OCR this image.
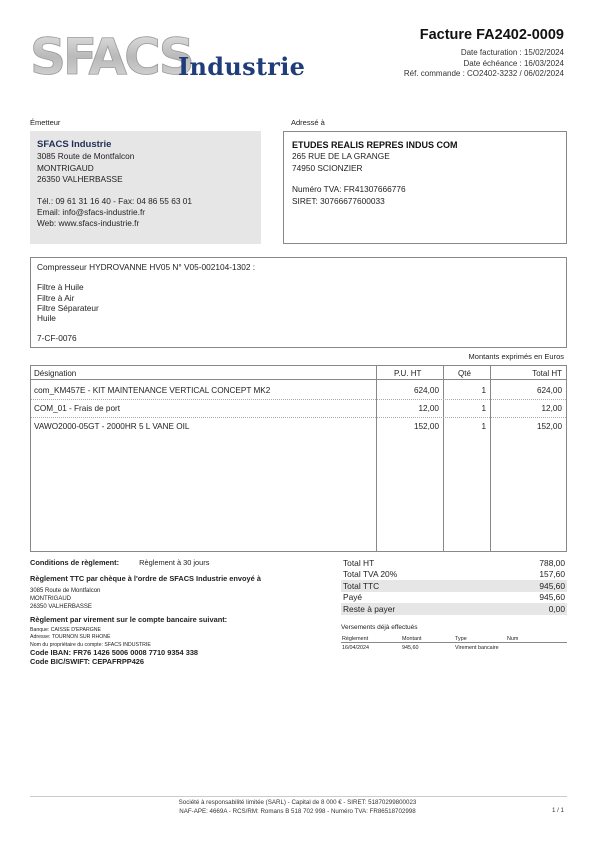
SFACS
Industrie
Facture FA2402-0009
Date facturation : 15/02/2024
Date échéance : 16/03/2024
Réf. commande : CO2402-3232 / 06/02/2024
Émetteur
SFACS Industrie
3085 Route de Montfalcon
MONTRIGAUD
26350 VALHERBASSE
Tél.: 09 61 31 16 40 - Fax: 04 86 55 63 01
Email: info@sfacs-industrie.fr
Web: www.sfacs-industrie.fr
Adressé à
ETUDES REALIS REPRES INDUS COM
265 RUE DE LA GRANGE
74950 SCIONZIER
Numéro TVA: FR41307666776
SIRET: 30766677600033
Compresseur HYDROVANNE HV05 N° V05-002104-1302 :
Filtre à Huile
Filtre à Air
Filtre Séparateur
Huile
7-CF-0076
Montants exprimés en Euros
Désignation	P.U. HT	Qté	Total HT
com_KM457E - KIT MAINTENANCE VERTICAL CONCEPT MK2	624,00	1	624,00
COM_01 - Frais de port	12,00	1	12,00
VAWO2000-05GT - 2000HR 5 L VANE OIL	152,00	1	152,00
Conditions de règlement:	Règlement à 30 jours
Règlement TTC par chèque à l'ordre de SFACS Industrie envoyé à
3085 Route de Montfalcon
MONTRIGAUD
26350 VALHERBASSE
Règlement par virement sur le compte bancaire suivant:
Banque: CAISSE D'EPARGNE
Adresse: TOURNON SUR RHONE
Nom du propriétaire du compte: SFACS INDUSTRIE
Code IBAN: FR76 1426 5006 0008 7710 9354 338
Code BIC/SWIFT: CEPAFRPP426
Total HT	788,00
Total TVA 20%	157,60
Total TTC	945,60
Payé	945,60
Reste à payer	0,00
Versements déjà effectués
Règlement	Montant	Type	Num
16/04/2024	945,60	Virement bancaire
Société à responsabilité limitée (SARL) - Capital de 8 000 € - SIRET: 51870299800023
NAF-APE: 4669A - RCS/RM: Romans B 518 702 998 - Numéro TVA: FR86518702998	1 / 1
